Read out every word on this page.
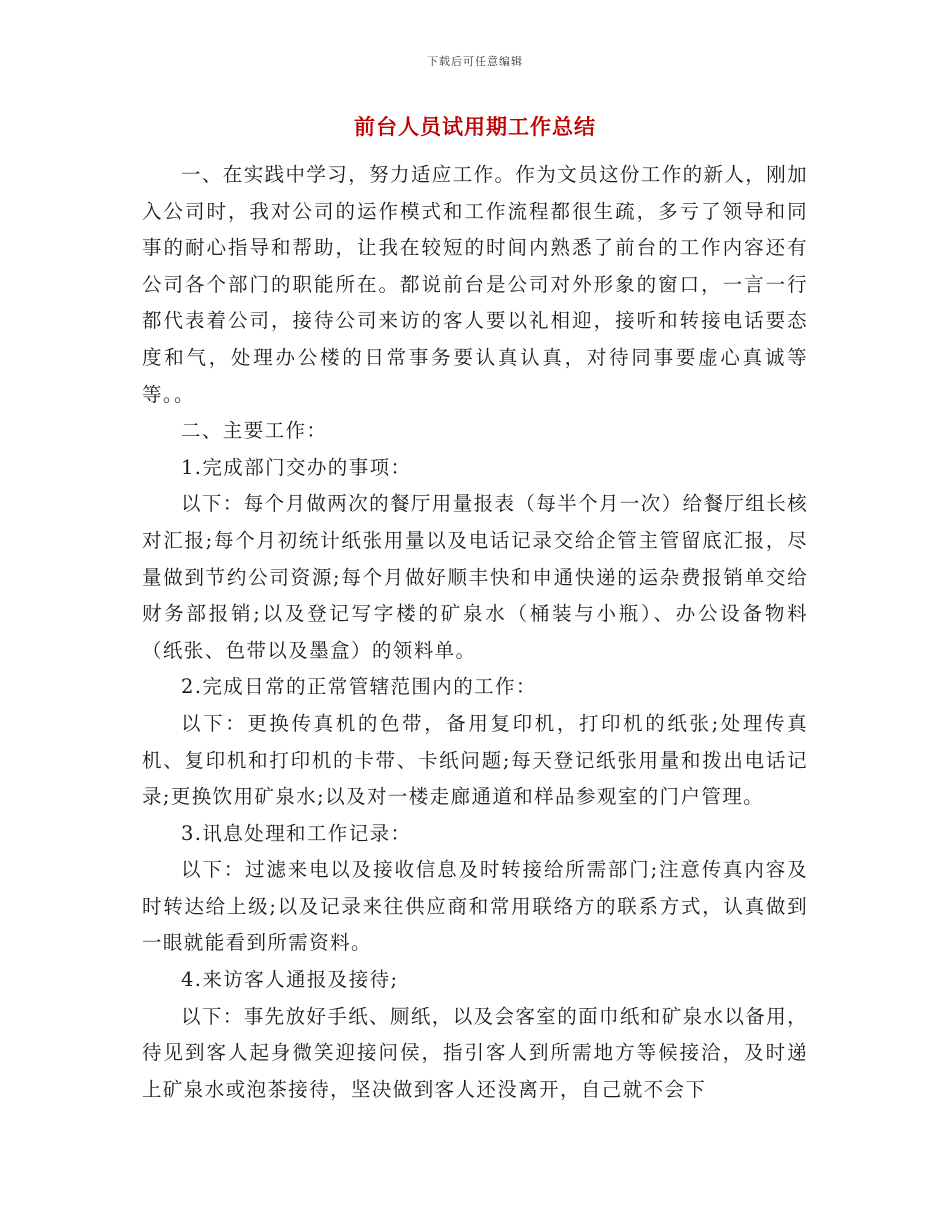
下载后可任意编辑
前台人员试用期工作总结

一、在实践中学习，努力适应工作。作为文员这份工作的新人，刚加入公司时，我对公司的运作模式和工作流程都很生疏，多亏了领导和同事的耐心指导和帮助，让我在较短的时间内熟悉了前台的工作内容还有公司各个部门的职能所在。都说前台是公司对外形象的窗口，一言一行都代表着公司，接待公司来访的客人要以礼相迎，接听和转接电话要态度和气，处理办公楼的日常事务要认真认真，对待同事要虚心真诚等等。。

二、主要工作：

1.完成部门交办的事项：

以下：每个月做两次的餐厅用量报表（每半个月一次）给餐厅组长核对汇报;每个月初统计纸张用量以及电话记录交给企管主管留底汇报，尽量做到节约公司资源;每个月做好顺丰快和申通快递的运杂费报销单交给财务部报销;以及登记写字楼的矿泉水（桶装与小瓶）、办公设备物料（纸张、色带以及墨盒）的领料单。

2.完成日常的正常管辖范围内的工作：

以下：更换传真机的色带，备用复印机，打印机的纸张;处理传真机、复印机和打印机的卡带、卡纸问题;每天登记纸张用量和拨出电话记录;更换饮用矿泉水;以及对一楼走廊通道和样品参观室的门户管理。

3.讯息处理和工作记录：

以下：过滤来电以及接收信息及时转接给所需部门;注意传真内容及时转达给上级;以及记录来往供应商和常用联络方的联系方式，认真做到一眼就能看到所需资料。

4.来访客人通报及接待;

以下：事先放好手纸、厕纸，以及会客室的面巾纸和矿泉水以备用，待见到客人起身微笑迎接问侯，指引客人到所需地方等候接洽，及时递上矿泉水或泡茶接待，坚决做到客人还没离开，自己就不会下
